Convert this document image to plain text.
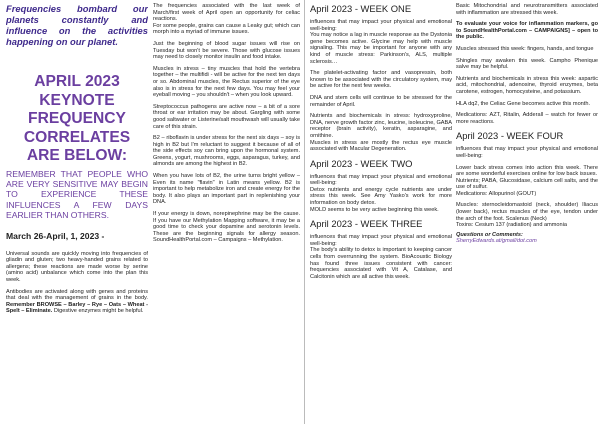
Frequencies bombard our planets constantly and influence on the activities happening on our planet.

APRIL 2023 KEYNOTE FREQUENCY CORRELATES ARE BELOW:

REMEMBER THAT PEOPLE WHO ARE VERY SENSITIVE MAY BEGIN TO EXPERIENCE THESE INFLUENCES A FEW DAYS EARLIER THAN OTHERS.

March 26-April, 1, 2023 -

Universal sounds are quickly moving into frequencies of gliadin and gluten; two heavy-handed grains related to allergens; these reactions are made worse by serine (amino acid) unbalance which come into the plan this week.

Antibodies are activated along with genes and proteins that deal with the management of grains in the body. Remember BROWSE – Barley – Rye – Oats – Wheat - Spelt – Eliminate. Digestive enzymes might be helpful.

The frequencies associated with the last week of March/first week of April open an opportunity for celiac reactions.

For some people, grains can cause a Leaky gut; which can morph into a myriad of immune issues.

Just the beginning of blood sugar issues will rise on Tuesday but won't be severe. Those with glucose issues may need to closely monitor insulin and food intake.

Muscles in stress – tiny muscles that hold the vertebra together – the multifidi - will be active for the next ten days or so. Abdominal muscles, the Rectus superior of the eye also is in stress for the next few days. You may feel your eyeball moving – you shouldn't – when you look upward.

Streptococcus pathogens are active now – a bit of a sore throat or ear irritation may be about. Gargling with some good saltwater or Listerine/salt mouthwash will usually take care of this strain.

B2 – riboflavin is under stress for the next six days – soy is high in B2 but I'm reluctant to suggest it because of all of the side effects soy can bring upon the hormonal system. Greens, yogurt, mushrooms, eggs, asparagus, turkey, and almonds are among the highest in B2.

When you have lots of B2, the urine turns bright yellow – Even its name "flavin" in Latin means yellow. B2 is important to help metabolize iron and create energy for the body. It also plays an important part in replenishing your DNA.

If your energy is down, norepinephrine may be the cause. If you have our Methylation Mapping software, it may be a good time to check your dopamine and serotonin levels. These are the beginning signals for allergy season. SoundHealthPortal.com – Campaigns – Methylation.

April 2023 - WEEK ONE

influences that may impact your physical and emotional well-being:

You may notice a lag in muscle response as the Dystonia gene becomes active. Glycine may help with muscle signaling. This may be important for anyone with any kind of muscle stress: Parkinson's, ALS, multiple sclerosis…

The platelet-activating factor and vasopressin, both known to be associated with the circulatory system, may be active for the next few weeks.

DNA and stem cells will continue to be stressed for the remainder of April.

Nutrients and biochemicals in stress: hydroxyproline, DNA, nerve growth factor zinc, leucine, isoleucine, GABA receptor (brain activity), keratin, asparagine, and ornithine.

Muscles in stress are mostly the rectus eye muscle associated with Macular Degeneration.

April 2023 - WEEK TWO

influences that may impact your physical and emotional well-being:

Detox nutrients and energy cycle nutrients are under stress this week. See Amy Yasko's work for more information on body detox.

MOLD seems to be very active beginning this week.

April 2023 - WEEK THREE

influences that may impact your physical and emotional well-being:

The body's ability to detox is important to keeping cancer cells from overrunning the system. BioAcoustic Biology has found three issues consistent with cancer: frequencies associated with Vit A, Catalase, and Calcitonin which are all active this week.

Basic Mitochondrial and neurotransmitters associated with inflammation are stressed this week.

To evaluate your voice for inflammation markers, go to SoundHealthPortal.com – CAMPAIGNS] – open to the public.

Muscles stressed this week: fingers, hands, and tongue

Shingles may awaken this week. Campho Phenique salve may be helpful.

Nutrients and biochemicals in stress this week: aspartic acid, mitochondrial, adenosine, thyroid enzymes, beta carotene, estrogen, homocysteine, and potassium.

HLA dq2, the Celiac Gene becomes active this month.

Medications: AZT, Ritalin, Adderall – watch for fewer or more reactions.

April 2023 - WEEK FOUR

influences that may impact your physical and emotional well-being:

Lower back stress comes into action this week. There are some wonderful exercises online for low back issues.

Nutrients; PABA, Glucosidase, calcium cell salts, and the use of sulfur.

Medications: Allopurinol (GOUT)

Muscles: sternocleidomastoid (neck, shoulder) Iliacus (lower back), rectus muscles of the eye, tendon under the arch of the foot. Scalenus (Neck)

Toxins: Cesium 137 (radiation) and ammonia

Questions or Comments:

SherryEdwards.at/gmail/dot.com
